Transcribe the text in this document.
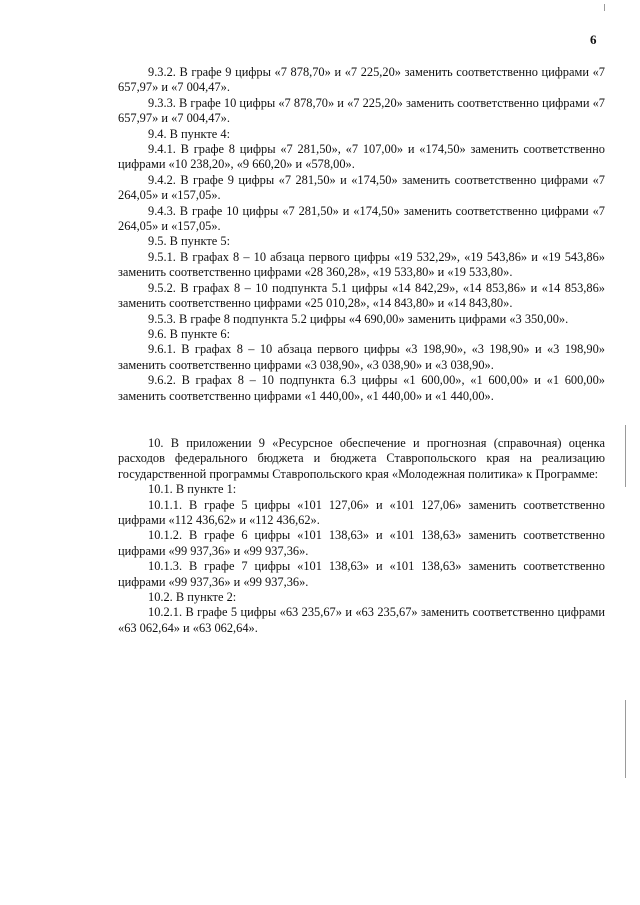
6

9.3.2. В графе 9 цифры «7 878,70» и «7 225,20» заменить соответственно цифрами «7 657,97» и «7 004,47».

9.3.3. В графе 10 цифры «7 878,70» и «7 225,20» заменить соответственно цифрами «7 657,97» и «7 004,47».

9.4. В пункте 4:

9.4.1. В графе 8 цифры «7 281,50», «7 107,00» и «174,50» заменить соответственно цифрами «10 238,20», «9 660,20» и «578,00».

9.4.2. В графе 9 цифры «7 281,50» и «174,50» заменить соответственно цифрами «7 264,05» и «157,05».

9.4.3. В графе 10 цифры «7 281,50» и «174,50» заменить соответственно цифрами «7 264,05» и «157,05».

9.5. В пункте 5:

9.5.1. В графах 8 – 10 абзаца первого цифры «19 532,29», «19 543,86» и «19 543,86» заменить соответственно цифрами «28 360,28», «19 533,80» и «19 533,80».

9.5.2. В графах 8 – 10 подпункта 5.1 цифры «14 842,29», «14 853,86» и «14 853,86» заменить соответственно цифрами «25 010,28», «14 843,80» и «14 843,80».

9.5.3. В графе 8 подпункта 5.2 цифры «4 690,00» заменить цифрами «3 350,00».

9.6. В пункте 6:

9.6.1. В графах 8 – 10 абзаца первого цифры «3 198,90», «3 198,90» и «3 198,90» заменить соответственно цифрами «3 038,90», «3 038,90» и «3 038,90».

9.6.2. В графах 8 – 10 подпункта 6.3 цифры «1 600,00», «1 600,00» и «1 600,00» заменить соответственно цифрами «1 440,00», «1 440,00» и «1 440,00».

10. В приложении 9 «Ресурсное обеспечение и прогнозная (справочная) оценка расходов федерального бюджета и бюджета Ставропольского края на реализацию государственной программы Ставропольского края «Молодежная политика» к Программе:

10.1. В пункте 1:

10.1.1. В графе 5 цифры «101 127,06» и «101 127,06» заменить соответственно цифрами «112 436,62» и «112 436,62».

10.1.2. В графе 6 цифры «101 138,63» и «101 138,63» заменить соответственно цифрами «99 937,36» и «99 937,36».

10.1.3. В графе 7 цифры «101 138,63» и «101 138,63» заменить соответственно цифрами «99 937,36» и «99 937,36».

10.2. В пункте 2:

10.2.1. В графе 5 цифры «63 235,67» и «63 235,67» заменить соответственно цифрами «63 062,64» и «63 062,64».
